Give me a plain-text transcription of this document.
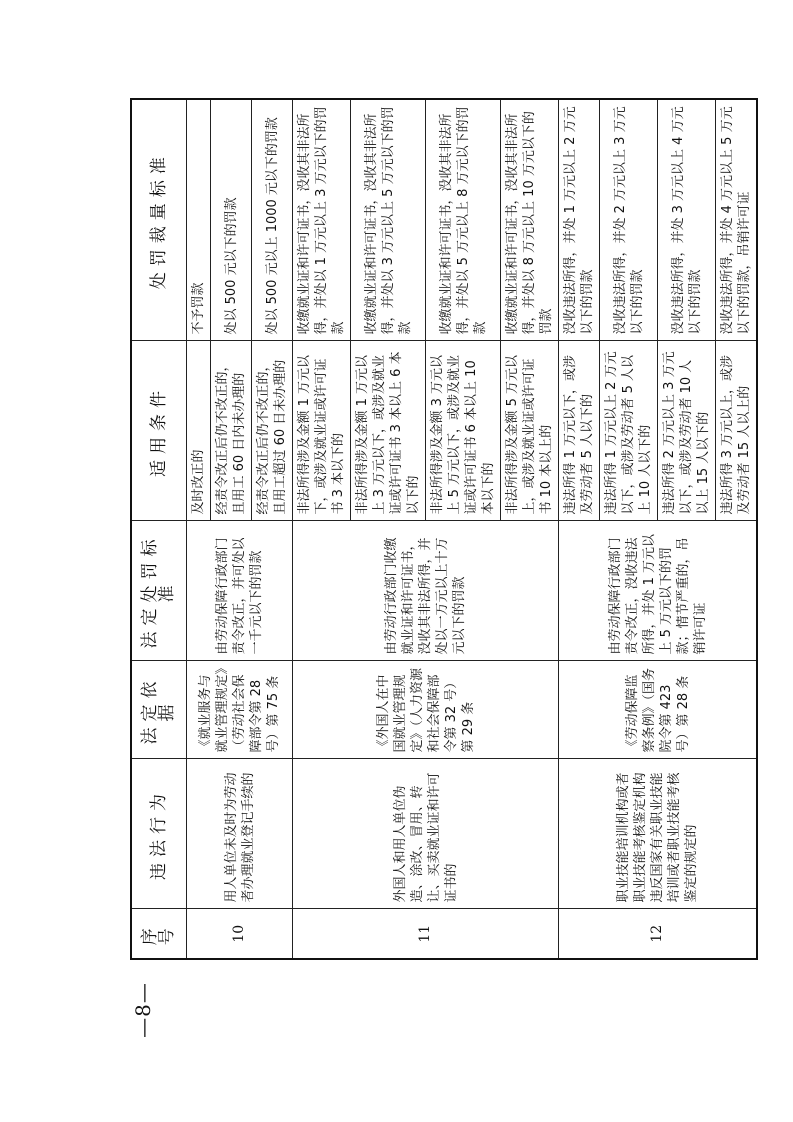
—8—
序号	违法行为	法定依据	法定处罚标准	适用条件	处罚裁量标准
10	用人单位未及时为劳动者办理就业登记手续的	《就业服务与就业管理规定》（劳动社会保障部令第 28 号）第 75 条	由劳动保障行政部门责令改正，并可处以一千元以下的罚款	及时改正的	不予罚款
				经责令改正后仍不改正的，且用工 60 日内未办理的	处以 500 元以下的罚款
				经责令改正后仍不改正的，且用工超过 60 日未办理的	处以 500 元以上 1000 元以下的罚款
11	外国人和用人单位伪造、涂改、冒用、转让、买卖就业证和许可证书的	《外国人在中国就业管理规定》（人力资源和社会保障部令第 32 号）第 29 条	由劳动行政部门收缴就业证和许可证书，没收其非法所得，并处以一万元以上十万元以下的罚款	非法所得涉及金额 1 万元以下，或涉及就业证或许可证书 3 本以下的	收缴就业证和许可证书，没收其非法所得，并处以 1 万元以上 3 万元以下的罚款
				非法所得涉及金额 1 万元以上 3 万元以下，或涉及就业证或许可证书 3 本以上 6 本以下的	收缴就业证和许可证书，没收其非法所得，并处以 3 万元以上 5 万元以下的罚款
				非法所得涉及金额 3 万元以上 5 万元以下，或涉及就业证或许可证书 6 本以上 10 本以下的	收缴就业证和许可证书，没收其非法所得，并处以 5 万元以上 8 万元以下的罚款
				非法所得涉及金额 5 万元以上，或涉及就业证或许可证书 10 本以上的	收缴就业证和许可证书，没收其非法所得，并处以 8 万元以上 10 万元以下的罚款
12	职业技能培训机构或者职业技能考核鉴定机构违反国家有关职业技能培训或者职业技能考核鉴定的规定的	《劳动保障监察条例》（国务院令第 423 号）第 28 条	由劳动保障行政部门责令改正，没收违法所得，并处 1 万元以上 5 万元以下的罚款；情节严重的，吊销许可证	违法所得 1 万元以下，或涉及劳动者 5 人以下的	没收违法所得，并处 1 万元以上 2 万元以下的罚款
				违法所得 1 万元以上 2 万元以下，或涉及劳动者 5 人以上 10 人以下的	没收违法所得，并处 2 万元以上 3 万元以下的罚款
				违法所得 2 万元以上 3 万元以下，或涉及劳动者 10 人以上 15 人以下的	没收违法所得，并处 3 万元以上 4 万元以下的罚款
				违法所得 3 万元以上，或涉及劳动者 15 人以上的	没收违法所得，并处 4 万元以上 5 万元以下的罚款，吊销许可证
